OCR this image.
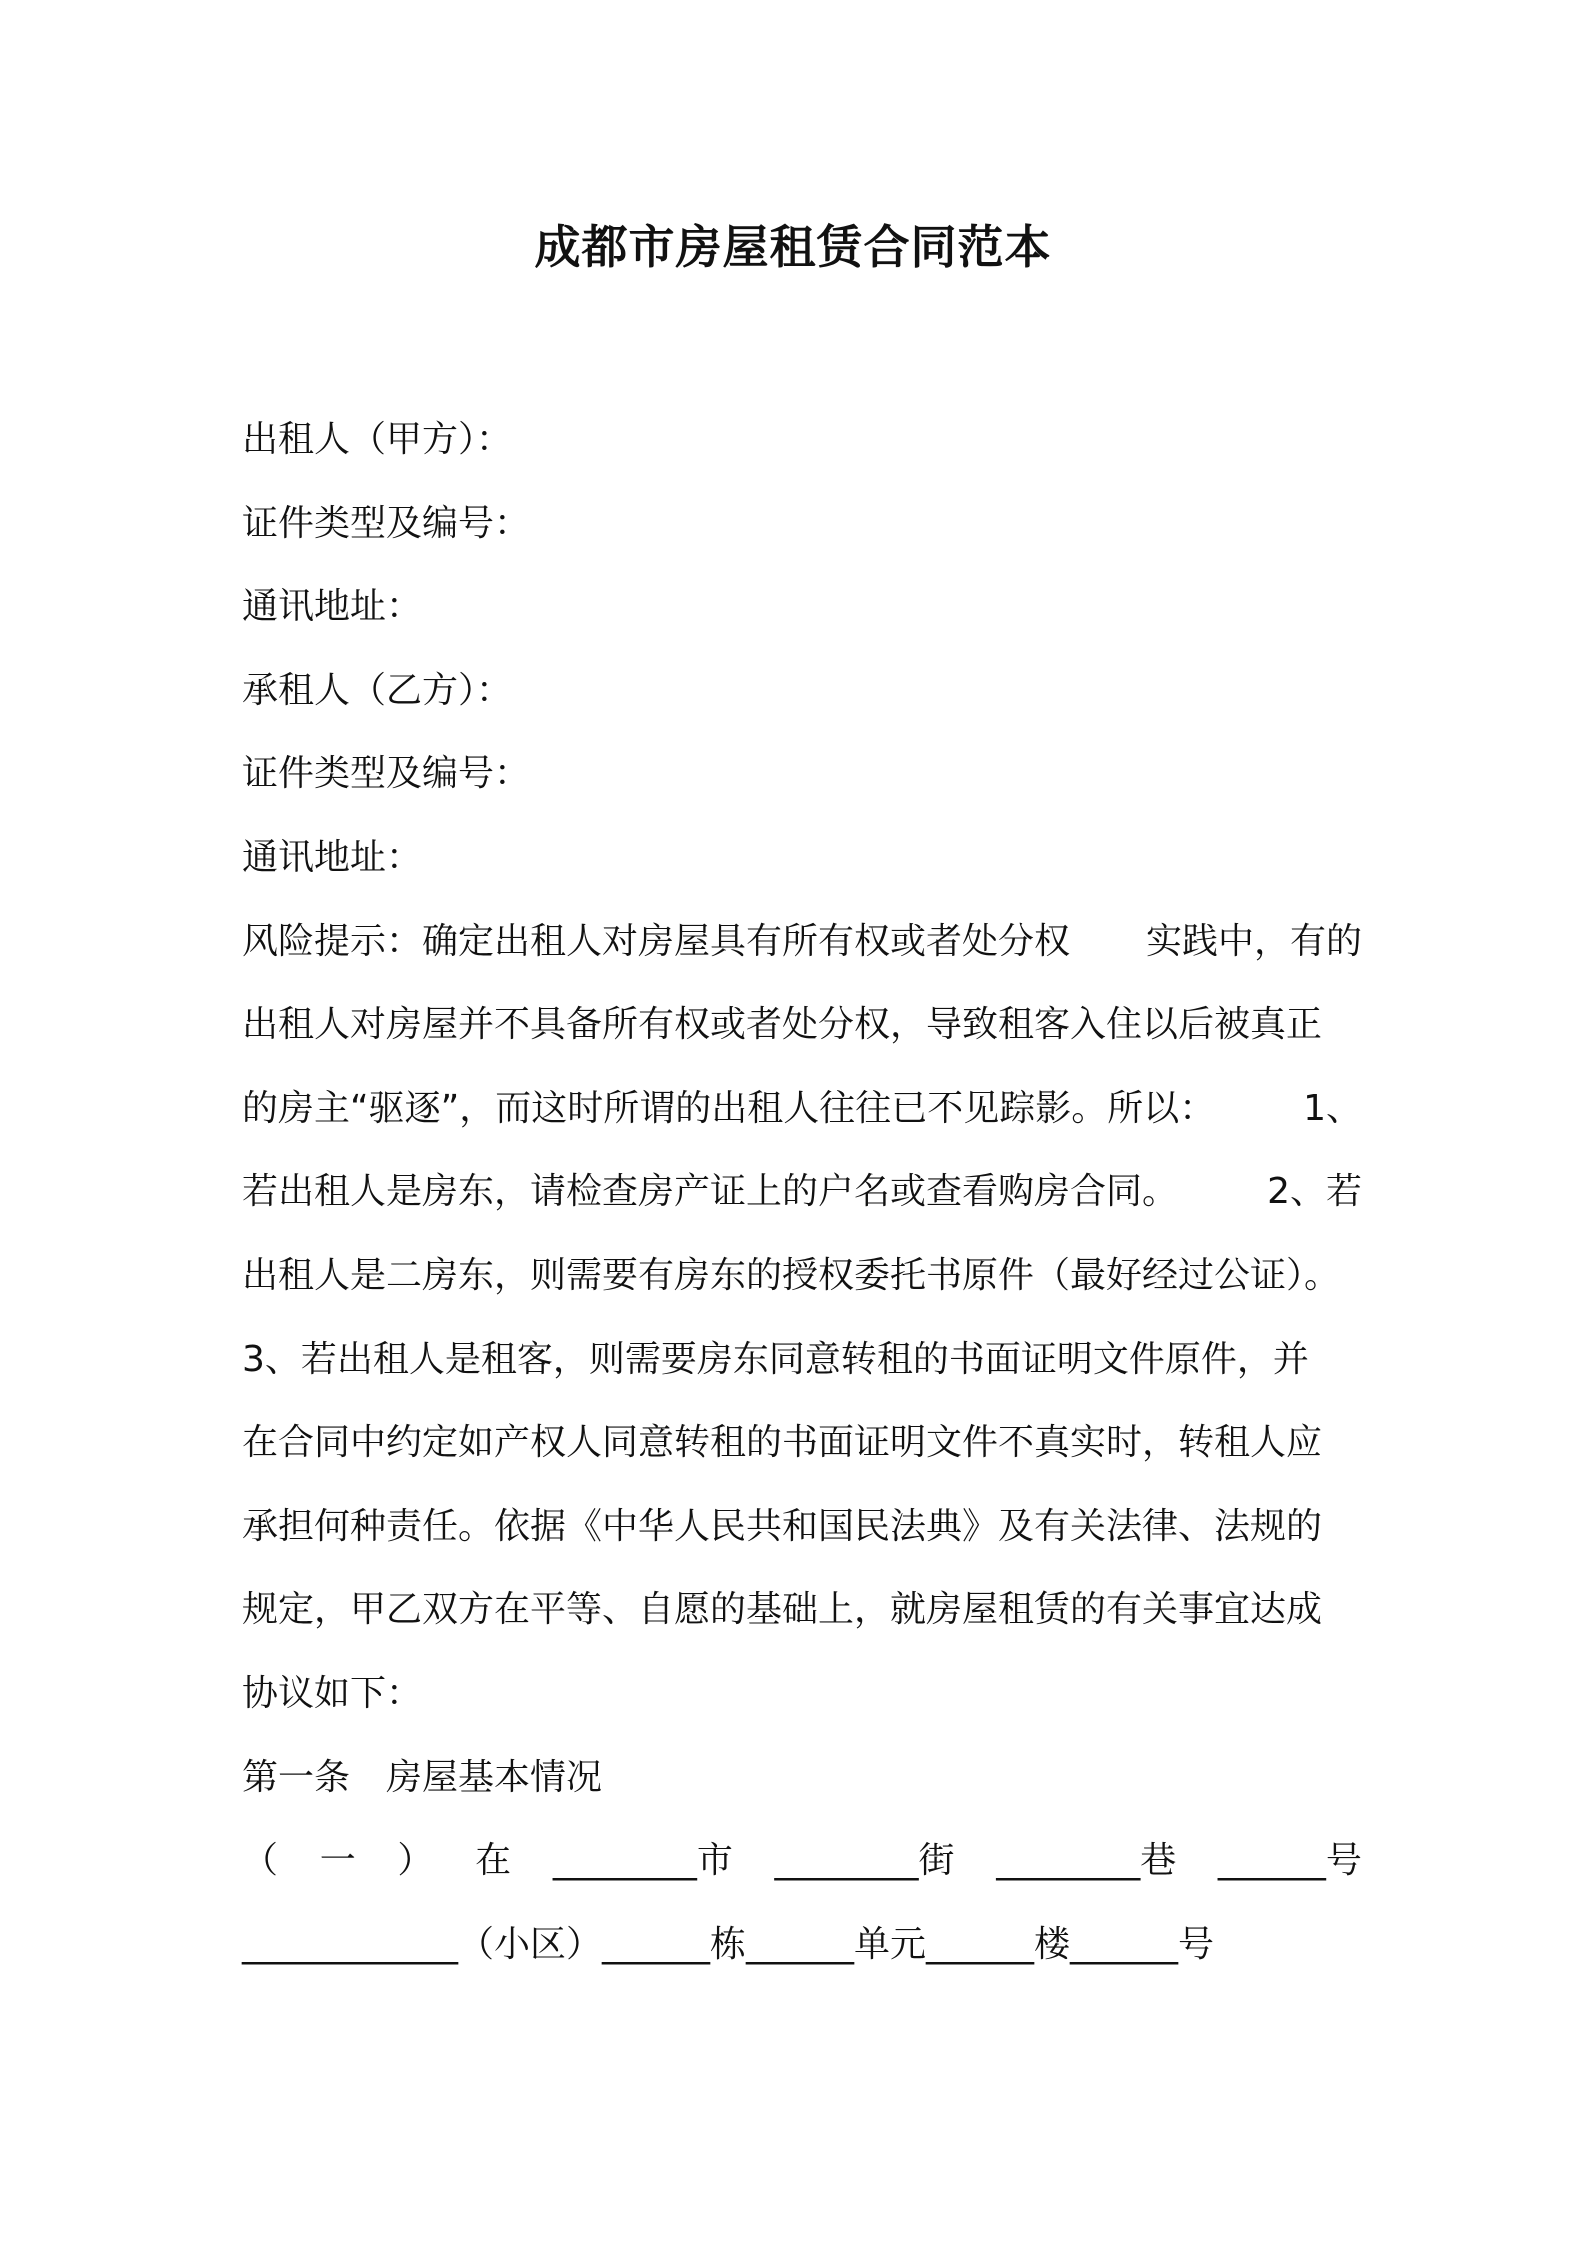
成都市房屋租赁合同范本
出租人（甲方）：
证件类型及编号：
通讯地址：
承租人（乙方）：
证件类型及编号：
通讯地址：
风险提示：确定出租人对房屋具有所有权或者处分权 实践中，有的
出租人对房屋并不具备所有权或者处分权，导致租客入住以后被真正
的房主“驱逐”，而这时所谓的出租人往往已不见踪影。所以： 1、
若出租人是房东，请检查房产证上的户名或查看购房合同。 2、若
出租人是二房东，则需要有房东的授权委托书原件（最好经过公证）。
3、若出租人是租客，则需要房东同意转租的书面证明文件原件，并
在合同中约定如产权人同意转租的书面证明文件不真实时，转租人应
承担何种责任。依据《中华人民共和国民法典》及有关法律、法规的
规定，甲乙双方在平等、自愿的基础上，就房屋租赁的有关事宜达成
协议如下：
第一条　房屋基本情况
（ 一 ） 在 ________市 ________街 ________巷 ______号
____________（小区）______栋______单元______楼______号
